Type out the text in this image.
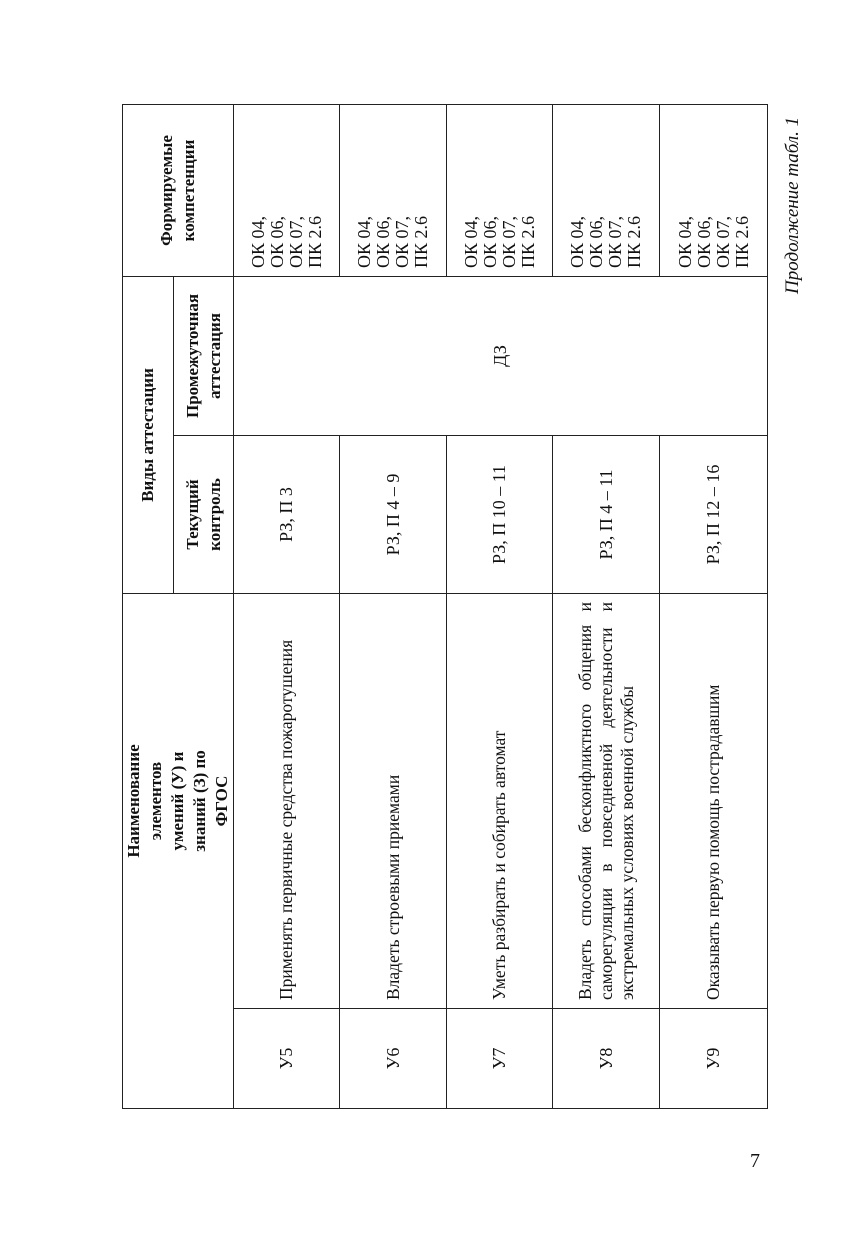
Продолжение табл. 1
Наименование элементов умений (У) и знаний (З) по ФГОС		Виды аттестации		Формируемые компетенции
		Текущий контроль	Промежуточная аттестация	
У5	Применять первичные средства пожаротушения	РЗ, П 3	ДЗ	ОК 04, ОК 06, ОК 07, ПК 2.6

У6	Владеть строевыми приемами	РЗ, П 4 – 9		ОК 04, ОК 06, ОК 07, ПК 2.6

У7	Уметь разбирать и собирать автомат	РЗ, П 10 – 11		ОК 04, ОК 06, ОК 07, ПК 2.6

У8	Владеть способами бесконфликтного общения и саморегуляции в повседневной деятельности и экстремальных условиях военной службы	РЗ, П 4 – 11		ОК 04, ОК 06, ОК 07, ПК 2.6

У9	Оказывать первую помощь пострадавшим	РЗ, П 12 – 16		ОК 04, ОК 06, ОК 07, ПК 2.6
7
